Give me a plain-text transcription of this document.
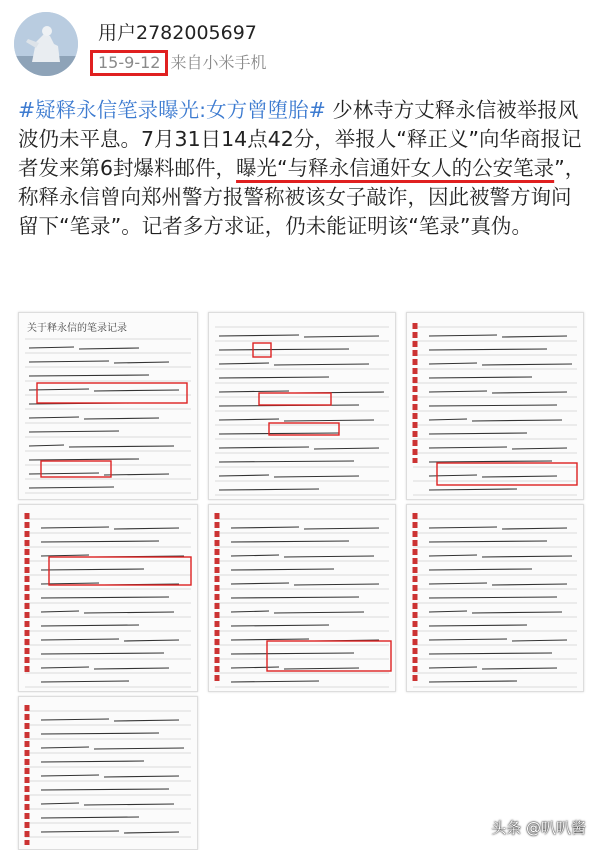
用户2782005697
15-9-12 来自小米手机
#疑释永信笔录曝光:女方曾堕胎# 少林寺方丈释永信被举报风波仍未平息。7月31日14点42分，举报人“释正义”向华商报记者发来第6封爆料邮件，曝光“与释永信通奸女人的公安笔录”，称释永信曾向郑州警方报警称被该女子敲诈，因此被警方询问留下“笔录”。记者多方求证，仍未能证明该“笔录”真伪。
关于释永信的笔录记录
头条 @叭叭酱
